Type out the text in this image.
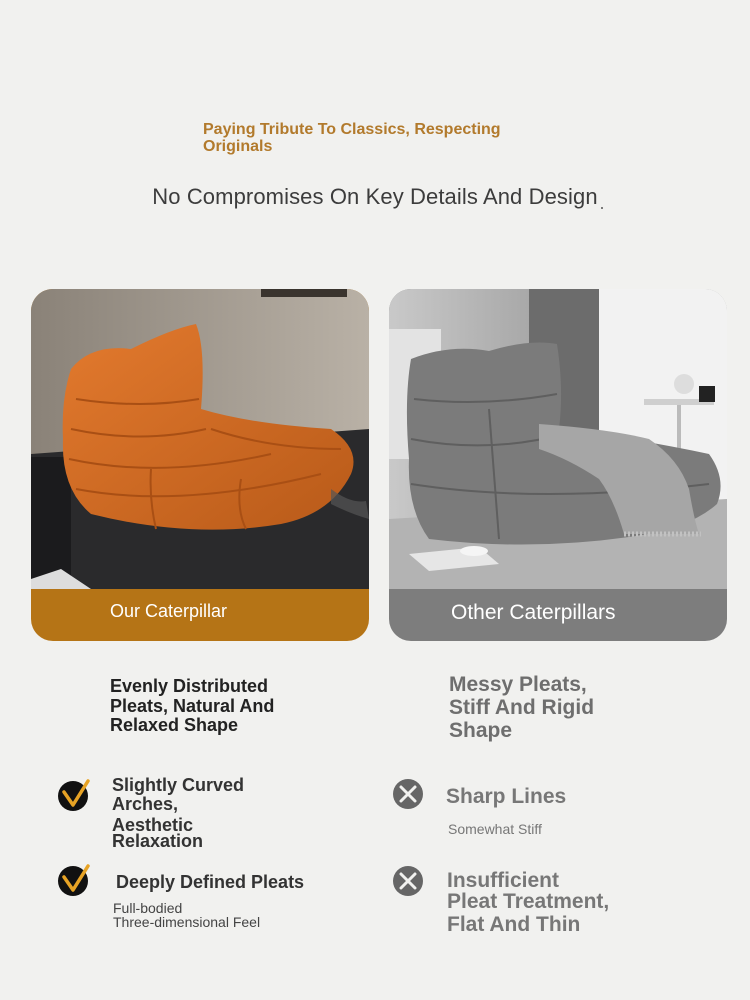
Paying Tribute To Classics, Respecting Originals
No Compromises On Key Details And Design
Our Caterpillar	Other Caterpillars
Evenly Distributed
Pleats, Natural And
Relaxed Shape
Messy Pleats,
Stiff And Rigid
Shape
Slightly Curved
Arches,
Aesthetic
Relaxation
Deeply Defined Pleats
Full-bodied
Three-dimensional Feel
Sharp Lines
Somewhat Stiff
Insufficient
Pleat Treatment,
Flat And Thin
